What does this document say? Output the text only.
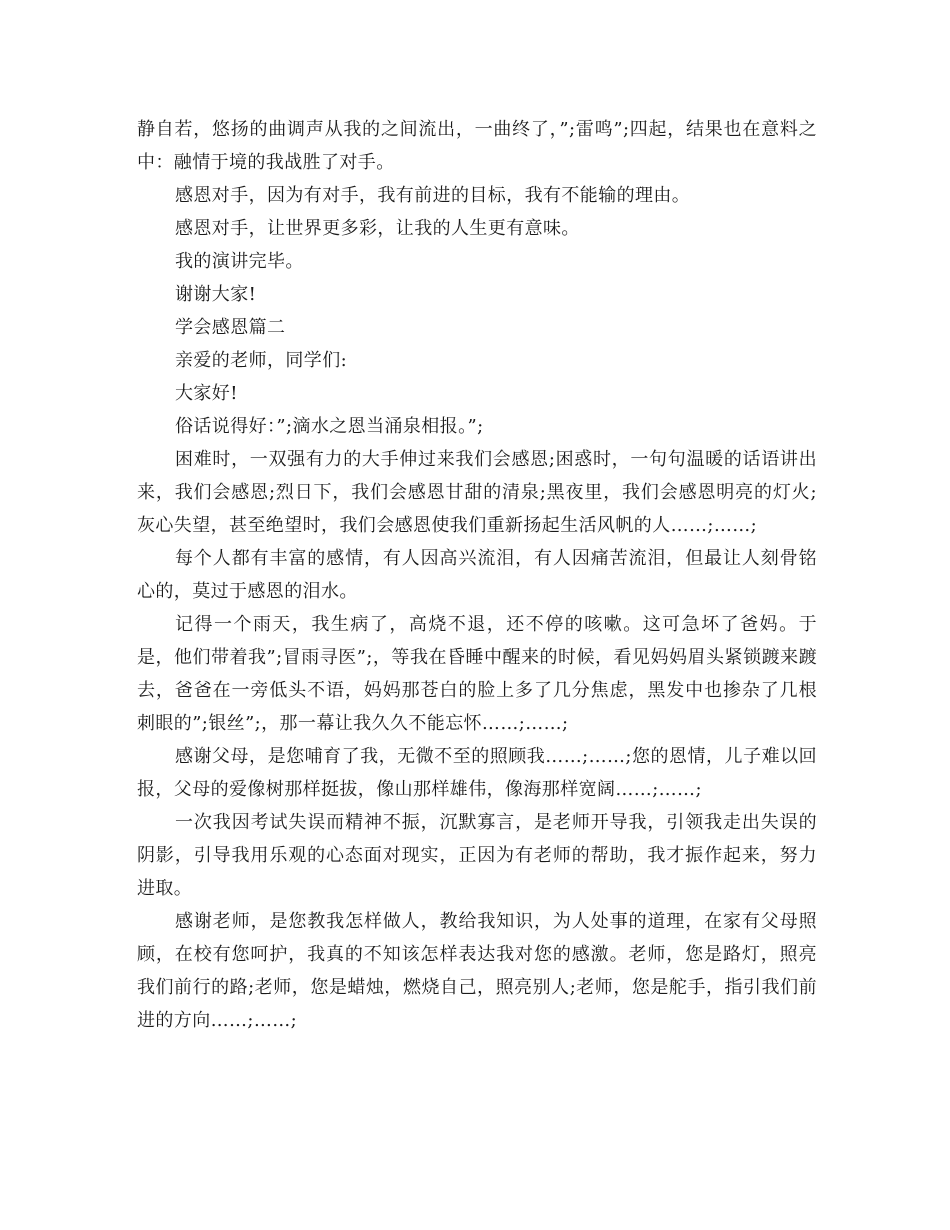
静自若，悠扬的曲调声从我的之间流出，一曲终了，”;雷鸣”;四起，结果也在意料之中：融情于境的我战胜了对手。

感恩对手，因为有对手，我有前进的目标，我有不能输的理由。

感恩对手，让世界更多彩，让我的人生更有意味。

我的演讲完毕。

谢谢大家!

学会感恩篇二

亲爱的老师，同学们:

大家好!

俗话说得好：”;滴水之恩当涌泉相报。”;

困难时，一双强有力的大手伸过来我们会感恩;困惑时，一句句温暖的话语讲出来，我们会感恩;烈日下，我们会感恩甘甜的清泉;黑夜里，我们会感恩明亮的灯火;灰心失望，甚至绝望时，我们会感恩使我们重新扬起生活风帆的人……;……;

每个人都有丰富的感情，有人因高兴流泪，有人因痛苦流泪，但最让人刻骨铭心的，莫过于感恩的泪水。

记得一个雨天，我生病了，高烧不退，还不停的咳嗽。这可急坏了爸妈。于是，他们带着我”;冒雨寻医”;，等我在昏睡中醒来的时候，看见妈妈眉头紧锁踱来踱去，爸爸在一旁低头不语，妈妈那苍白的脸上多了几分焦虑，黑发中也掺杂了几根刺眼的”;银丝”;，那一幕让我久久不能忘怀……;……;

感谢父母，是您哺育了我，无微不至的照顾我……;……;您的恩情，儿子难以回报，父母的爱像树那样挺拔，像山那样雄伟，像海那样宽阔……;……;

一次我因考试失误而精神不振，沉默寡言，是老师开导我，引领我走出失误的阴影，引导我用乐观的心态面对现实，正因为有老师的帮助，我才振作起来，努力进取。

感谢老师，是您教我怎样做人，教给我知识，为人处事的道理，在家有父母照顾，在校有您呵护，我真的不知该怎样表达我对您的感激。老师，您是路灯，照亮我们前行的路;老师，您是蜡烛，燃烧自己，照亮别人;老师，您是舵手，指引我们前进的方向……;……;
